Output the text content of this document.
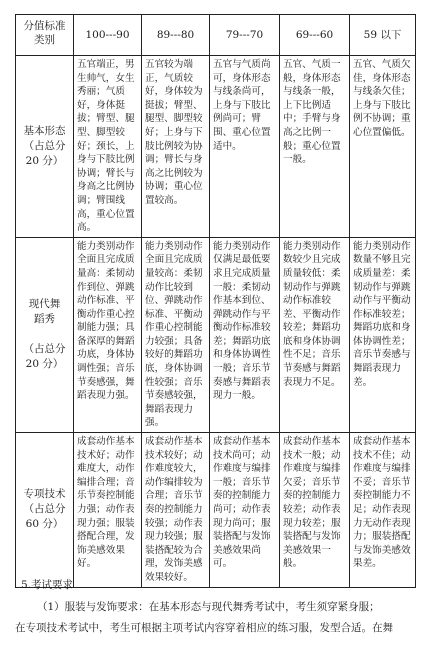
分值标准
类别	100---90	89---80	79---70	69---60	59 以下
基本形态
（占总分
20 分）	五官端正，男生帅气，女生秀丽；气质好，身体挺拔；臂型、腿型、脚型较好；颈长，上身与下肢比例协调；臂长与身高之比例协调；臂围线高，重心位置高。	五官较为端正，气质较好，身体较为挺拔；臂型、腿型、脚型较好；上身与下肢比例较为协调；臂长与身高之比例较为协调；重心位置较高。	五官与气质尚可，身体形态与线条尚可，上身与下肢比例尚可；臂围、重心位置适中。	五官、气质一般，身体形态与线条一般，上下比例适中；手臂与身高之比例一般；重心位置一般。	五官、气质欠佳，身体形态与线条欠佳；上身与下肢比例不协调；重心位置偏低。
现代舞
蹈秀

（占总分
20 分）	能力类别动作全面且完成质量高：柔韧动作到位、弹跳动作标准、平衡动作重心控制能力强；具备深厚的舞蹈功底，身体协调性强；音乐节奏感强，舞蹈表现力强。	能力类别动作全面且完成质量较高：柔韧动作比较到位、弹跳动作标准、平衡动作重心控制能力较强；具备较好的舞蹈功底，身体协调性较强；音乐节奏感较强，舞蹈表现力强。	能力类别动作仅满足最低要求且完成质量一般：柔韧动作基本到位、弹跳动作与平衡动作标准较差；舞蹈功底和身体协调性一般；音乐节奏感与舞蹈表现力一般。	能力类别动作数较少且完成质量较低：柔韧动作与弹跳动作标准较差、平衡动作较差；舞蹈功底和身体协调性不足；音乐节奏感与舞蹈表现力不足。	能力类别动作数量不够且完成质量差：柔韧动作与弹跳动作与平衡动作标准较差；舞蹈功底和身体协调性差；音乐节奏感与舞蹈表现力差。
专项技术
（占总分
60 分）	成套动作基本技术好；动作难度大，动作编排合理；音乐节奏控制能力强；动作表现力强；服装搭配合理，发饰美感效果好。	成套动作基本技术较好；动作难度较大，动作编排较为合理；音乐节奏的控制能力较强；动作表现力较强；服装搭配较为合理，发饰美感效果较好。	成套动作基本技术尚可；动作难度与编排一般；音乐节奏的控制能力尚可；动作表现力尚可；服装搭配与发饰美感效果尚可。	成套动作基本技术一般；动作难度与编排欠妥；音乐节奏的控制能力较差；动作表现力较差；服装搭配与发饰美感效果一般。	成套动作基本技术不佳；动作难度与编排不妥；音乐节奏控制能力不足；动作表现力无动作表现力；服装搭配与发饰美感效果差。
5.考试要求
（1）服装与发饰要求：在基本形态与现代舞秀考试中，考生须穿紧身服；
在专项技术考试中，考生可根据主项考试内容穿着相应的练习服，发型合适。在舞
